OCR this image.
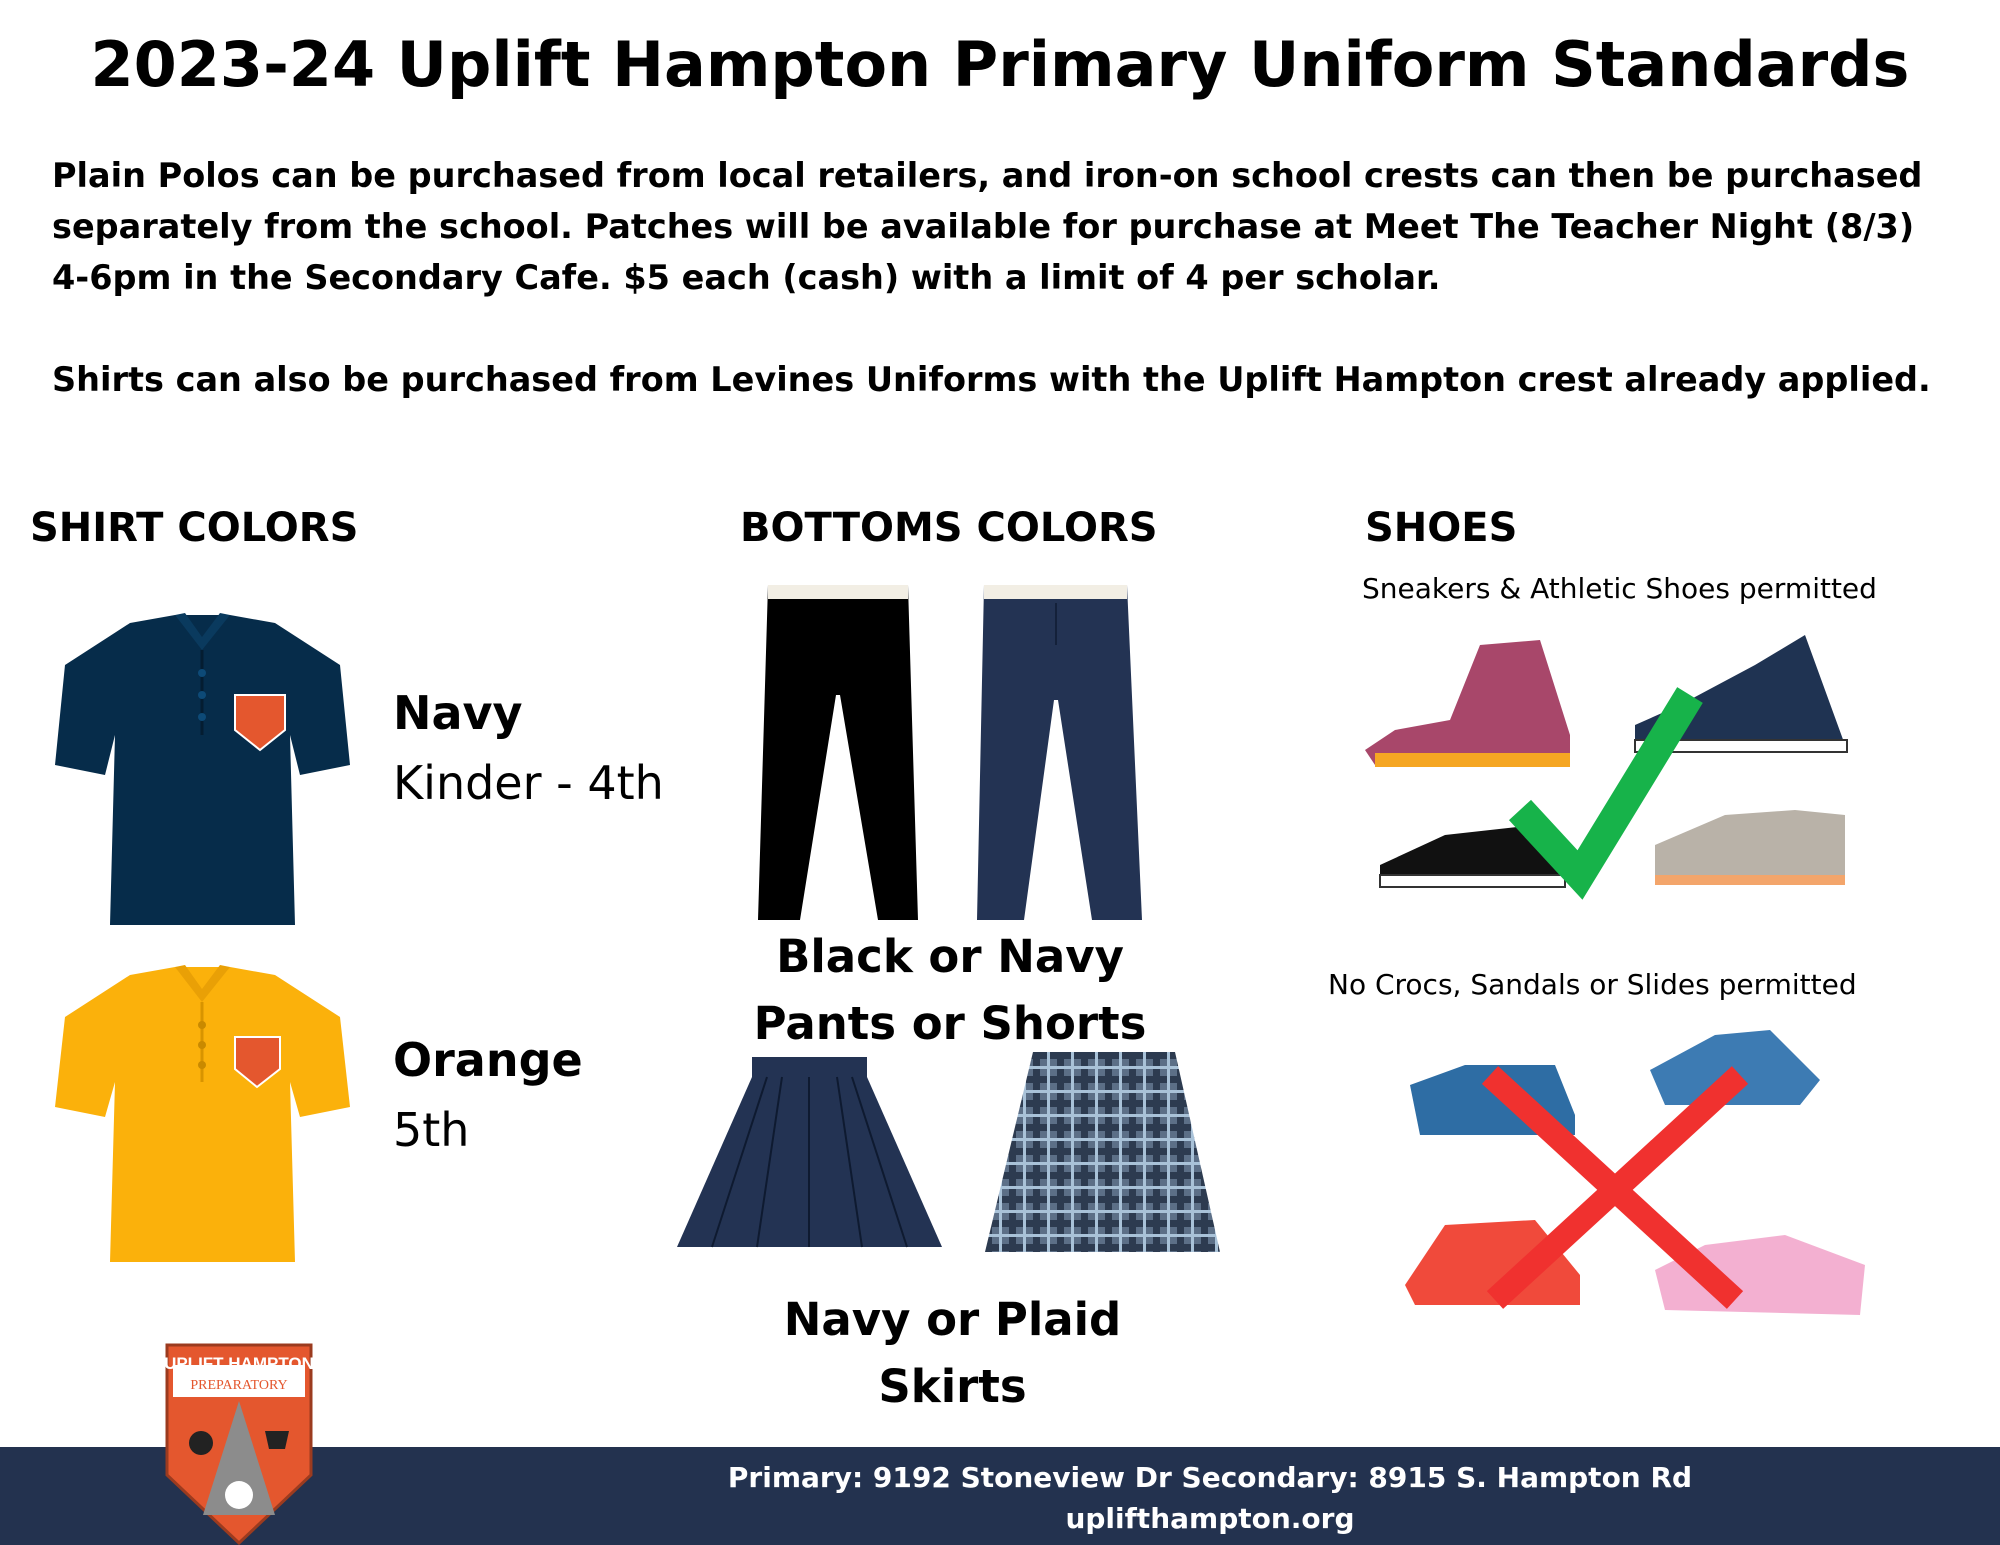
2023-24 Uplift Hampton Primary Uniform Standards

Plain Polos can be purchased from local retailers, and iron-on school crests can then be purchased
separately from the school. Patches will be available for purchase at Meet The Teacher Night (8/3)
4-6pm in the Secondary Cafe. $5 each (cash) with a limit of 4 per scholar.

Shirts can also be purchased from Levines Uniforms with the Uplift Hampton crest already applied.

SHIRT COLORS	BOTTOMS COLORS	SHOES
Navy
Kinder - 4th
Orange
5th
Black or Navy
Pants or Shorts
Navy or Plaid
Skirts
Sneakers & Athletic Shoes permitted
No Crocs, Sandals or Slides permitted
Primary: 9192 Stoneview Dr Secondary: 8915 S. Hampton Rd
uplifthampton.org
UPLIFT HAMPTON
PREPARATORY
